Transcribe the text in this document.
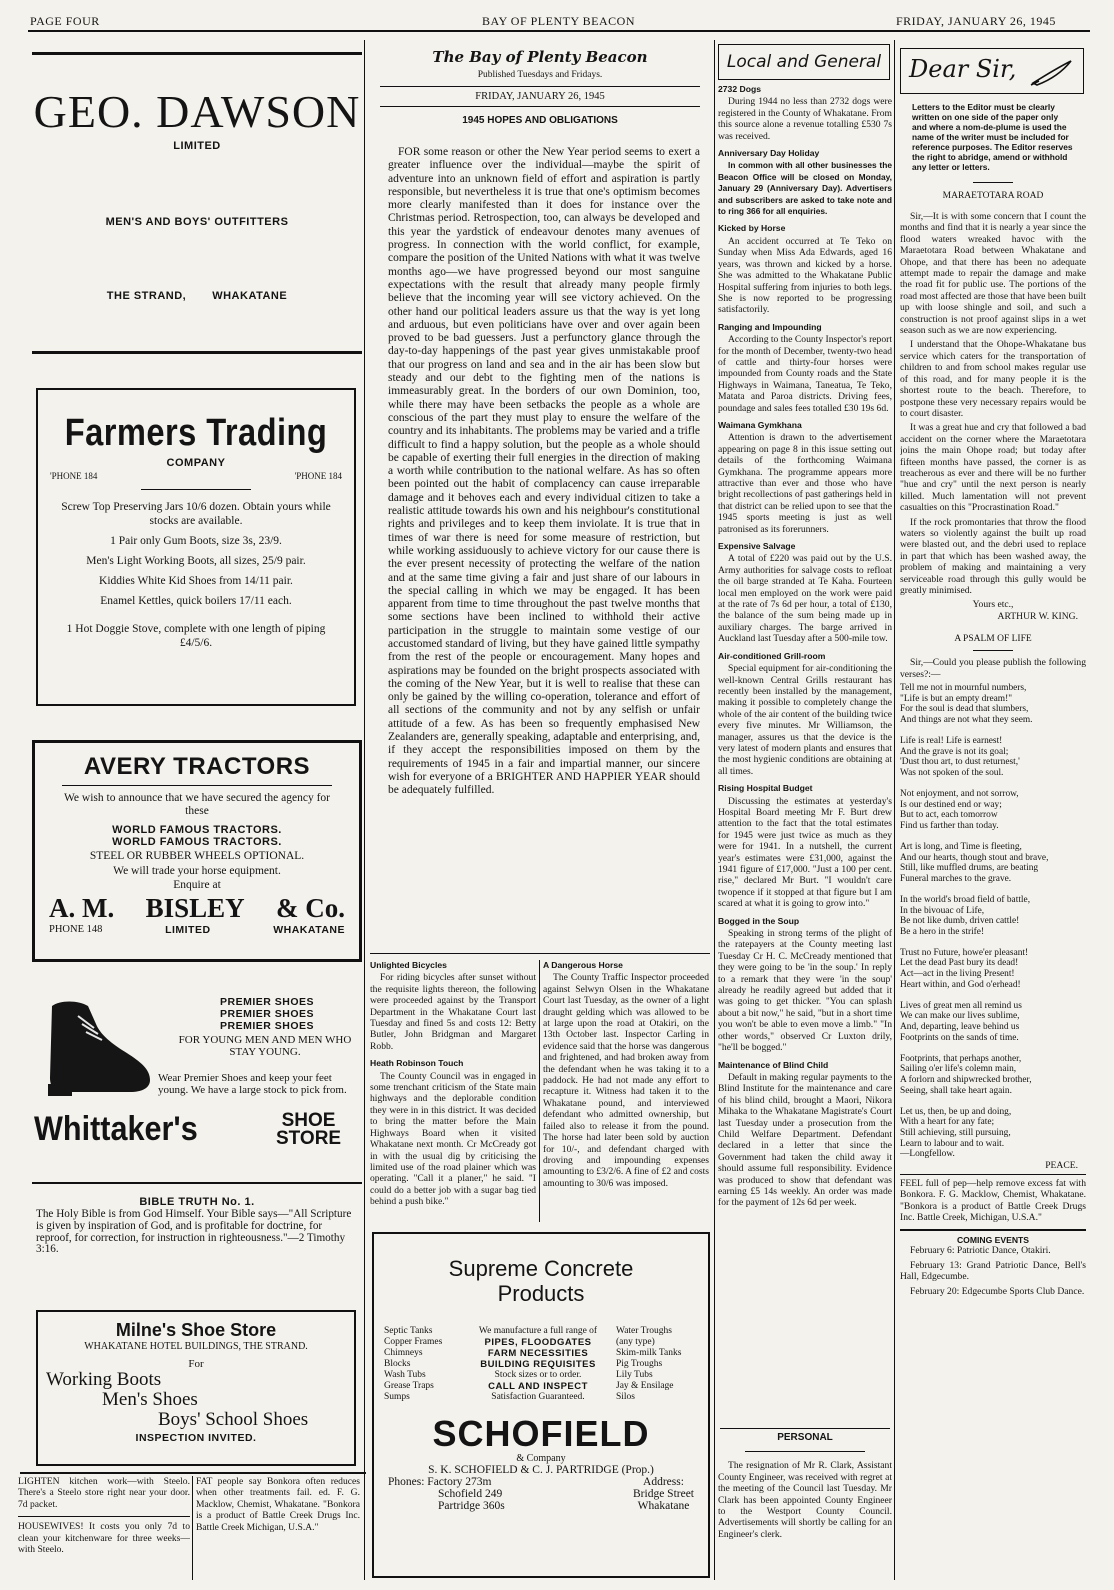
PAGE FOUR	BAY OF PLENTY BEACON	FRIDAY, JANUARY 26, 1945
GEO. DAWSON
LIMITED
MEN'S AND BOYS' OUTFITTERS
THE STRAND, WHAKATANE
Farmers Trading
COMPANY
'PHONE 184	'PHONE 184
Screw Top Preserving Jars 10/6 dozen. Obtain yours while stocks are available.
1 Pair only Gum Boots, size 3s, 23/9.
Men's Light Working Boots, all sizes, 25/9 pair.
Kiddies White Kid Shoes from 14/11 pair.
Enamel Kettles, quick boilers 17/11 each.
1 Hot Doggie Stove, complete with one length of piping £4/5/6.
AVERY TRACTORS
We wish to announce that we have secured the agency for these
WORLD FAMOUS TRACTORS.
WORLD FAMOUS TRACTORS.
STEEL OR RUBBER WHEELS OPTIONAL.
We will trade your horse equipment.
Enquire at
A. M. BISLEY & Co.
PHONE 148	LIMITED	WHAKATANE
PREMIER SHOES
PREMIER SHOES
PREMIER SHOES
FOR YOUNG MEN AND MEN WHO STAY YOUNG.
Wear Premier Shoes and keep your feet young. We have a large stock to pick from.
Whittaker's	SHOE
STORE
BIBLE TRUTH No. 1.
The Holy Bible is from God Himself. Your Bible says—"All Scripture is given by inspiration of God, and is profitable for doctrine, for reproof, for correction, for instruction in righteousness."—2 Timothy 3:16.
Milne's Shoe Store
WHAKATANE HOTEL BUILDINGS, THE STRAND.
For
Working Boots
Men's Shoes
Boys' School Shoes
INSPECTION INVITED.
LIGHTEN kitchen work—with Steelo. There's a Steelo store right near your door. 7d packet.
HOUSEWIVES! It costs you only 7d to clean your kitchenware for three weeks—with Steelo.
FAT people say Bonkora often reduces when other treatments fail. ed. F. G. Macklow, Chemist, Whakatane. "Bonkora is a product of Battle Creek Drugs Inc. Battle Creek Michigan, U.S.A."
The Bay of Plenty Beacon
Published Tuesdays and Fridays.
FRIDAY, JANUARY 26, 1945
1945 HOPES AND OBLIGATIONS
FOR some reason or other the New Year period seems to exert a greater influence over the individual—maybe the spirit of adventure into an unknown field of effort and aspiration is partly responsible, but nevertheless it is true that one's optimism becomes more clearly manifested than it does for instance over the Christmas period. Retrospection, too, can always be developed and this year the yardstick of endeavour denotes many avenues of progress. In connection with the world conflict, for example, compare the position of the United Nations with what it was twelve months ago—we have progressed beyond our most sanguine expectations with the result that already many people firmly believe that the incoming year will see victory achieved. On the other hand our political leaders assure us that the way is yet long and arduous, but even politicians have over and over again been proved to be bad guessers. Just a perfunctory glance through the day-to-day happenings of the past year gives unmistakable proof that our progress on land and sea and in the air has been slow but steady and our debt to the fighting men of the nations is immeasurably great. In the borders of our own Dominion, too, while there may have been setbacks the people as a whole are conscious of the part they must play to ensure the welfare of the country and its inhabitants. The problems may be varied and a trifle difficult to find a happy solution, but the people as a whole should be capable of exerting their full energies in the direction of making a worth while contribution to the national welfare. As has so often been pointed out the habit of complacency can cause irreparable damage and it behoves each and every individual citizen to take a realistic attitude towards his own and his neighbour's constitutional rights and privileges and to keep them inviolate. It is true that in times of war there is need for some measure of restriction, but while working assiduously to achieve victory for our cause there is the ever present necessity of protecting the welfare of the nation and at the same time giving a fair and just share of our labours in the special calling in which we may be engaged. It has been apparent from time to time throughout the past twelve months that some sections have been inclined to withhold their active participation in the struggle to maintain some vestige of our accustomed standard of living, but they have gained little sympathy from the rest of the people or encouragement. Many hopes and aspirations may be founded on the bright prospects associated with the coming of the New Year, but it is well to realise that these can only be gained by the willing co-operation, tolerance and effort of all sections of the community and not by any selfish or unfair attitude of a few. As has been so frequently emphasised New Zealanders are, generally speaking, adaptable and enterprising, and, if they accept the responsibilities imposed on them by the requirements of 1945 in a fair and impartial manner, our sincere wish for everyone of a BRIGHTER AND HAPPIER YEAR should be adequately fulfilled.
Unlighted Bicycles

For riding bicycles after sunset without the requisite lights thereon, the following were proceeded against by the Transport Department in the Whakatane Court last Tuesday and fined 5s and costs 12: Betty Butler, John Bridgman and Margaret Robb.

Heath Robinson Touch

The County Council was in engaged in some trenchant criticism of the State main highways and the deplorable condition they were in in this district. It was decided to bring the matter before the Main Highways Board when it visited Whakatane next month. Cr McCready got in with the usual dig by criticising the limited use of the road plainer which was operating. "Call it a planer," he said. "I could do a better job with a sugar bag tied behind a push bike."

A Dangerous Horse

The County Traffic Inspector proceeded against Selwyn Olsen in the Whakatane Court last Tuesday, as the owner of a light draught gelding which was allowed to be at large upon the road at Otakiri, on the 13th October last. Inspector Carling in evidence said that the horse was dangerous and frightened, and had broken away from the defendant when he was taking it to a paddock. He had not made any effort to recapture it. Witness had taken it to the Whakatane pound, and interviewed defendant who admitted ownership, but failed also to release it from the pound. The horse had later been sold by auction for 10/-, and defendant charged with droving and impounding expenses amounting to £3/2/6. A fine of £2 and costs amounting to 30/6 was imposed.

Supreme Concrete
Products
Septic Tanks
Copper Frames
Chimneys
Blocks
Wash Tubs
Grease Traps
Sumps
We manufacture a full range of
PIPES, FLOODGATES
FARM NECESSITIES
BUILDING REQUISITES
Stock sizes or to order.
CALL AND INSPECT
Satisfaction Guaranteed.
Water Troughs
(any type)
Skim-milk Tanks
Pig Troughs
Lily Tubs
Jay & Ensilage
Silos
SCHOFIELD
& Company
S. K. SCHOFIELD & C. J. PARTRIDGE (Prop.)
Phones: Factory 273m
Schofield 249
Partridge 360s
Address:
Bridge Street
Whakatane
Local and General
2732 Dogs

During 1944 no less than 2732 dogs were registered in the County of Whakatane. From this source alone a revenue totalling £530 7s was received.

Anniversary Day Holiday

In common with all other businesses the Beacon Office will be closed on Monday, January 29 (Anniversary Day). Advertisers and subscribers are asked to take note and to ring 366 for all enquiries.

Kicked by Horse

An accident occurred at Te Teko on Sunday when Miss Ada Edwards, aged 16 years, was thrown and kicked by a horse. She was admitted to the Whakatane Public Hospital suffering from injuries to both legs. She is now reported to be progressing satisfactorily.

Ranging and Impounding

According to the County Inspector's report for the month of December, twenty-two head of cattle and thirty-four horses were impounded from County roads and the State Highways in Waimana, Taneatua, Te Teko, Matata and Paroa districts. Driving fees, poundage and sales fees totalled £30 19s 6d.

Waimana Gymkhana

Attention is drawn to the advertisement appearing on page 8 in this issue setting out details of the forthcoming Waimana Gymkhana. The programme appears more attractive than ever and those who have bright recollections of past gatherings held in that district can be relied upon to see that the 1945 sports meeting is just as well patronised as its forerunners.

Expensive Salvage

A total of £220 was paid out by the U.S. Army authorities for salvage costs to refloat the oil barge stranded at Te Kaha. Fourteen local men employed on the work were paid at the rate of 7s 6d per hour, a total of £130, the balance of the sum being made up in auxiliary charges. The barge arrived in Auckland last Tuesday after a 500-mile tow.

Air-conditioned Grill-room

Special equipment for air-conditioning the well-known Central Grills restaurant has recently been installed by the management, making it possible to completely change the whole of the air content of the building twice every five minutes. Mr Williamson, the manager, assures us that the device is the very latest of modern plants and ensures that the most hygienic conditions are obtaining at all times.

Rising Hospital Budget

Discussing the estimates at yesterday's Hospital Board meeting Mr F. Burt drew attention to the fact that the total estimates for 1945 were just twice as much as they were for 1941. In a nutshell, the current year's estimates were £31,000, against the 1941 figure of £17,000. "Just a 100 per cent. rise," declared Mr Burt. "I wouldn't care twopence if it stopped at that figure but I am scared at what it is going to grow into."

Bogged in the Soup

Speaking in strong terms of the plight of the ratepayers at the County meeting last Tuesday Cr H. C. McCready mentioned that they were going to be 'in the soup.' In reply to a remark that they were 'in the soup' already he readily agreed but added that it was going to get thicker. "You can splash about a bit now," he said, "but in a short time you won't be able to even move a limb." "In other words," observed Cr Luxton drily, "he'll be bogged."

Maintenance of Blind Child

Default in making regular payments to the Blind Institute for the maintenance and care of his blind child, brought a Maori, Nikora Mihaka to the Whakatane Magistrate's Court last Tuesday under a prosecution from the Child Welfare Department. Defendant declared in a letter that since the Government had taken the child away it should assume full responsibility. Evidence was produced to show that defendant was earning £5 14s weekly. An order was made for the payment of 12s 6d per week.

PERSONAL

The resignation of Mr R. Clark, Assistant County Engineer, was received with regret at the meeting of the Council last Tuesday. Mr Clark has been appointed County Engineer to the Westport County Council. Advertisements will shortly be calling for an Engineer's clerk.

Dear Sir,
Letters to the Editor must be clearly written on one side of the paper only and where a nom-de-plume is used the name of the writer must be included for reference purposes. The Editor reserves the right to abridge, amend or withhold any letter or letters.
MARAETOTARA ROAD

Sir,—It is with some concern that I count the months and find that it is nearly a year since the flood waters wreaked havoc with the Maraetotara Road between Whakatane and Ohope, and that there has been no adequate attempt made to repair the damage and make the road fit for public use. The portions of the road most affected are those that have been built up with loose shingle and soil, and such a construction is not proof against slips in a wet season such as we are now experiencing.

I understand that the Ohope-Whakatane bus service which caters for the transportation of children to and from school makes regular use of this road, and for many people it is the shortest route to the beach. Therefore, to postpone these very necessary repairs would be to court disaster.

It was a great hue and cry that followed a bad accident on the corner where the Maraetotara joins the main Ohope road; but today after fifteen months have passed, the corner is as treacherous as ever and there will be no further "hue and cry" until the next person is nearly killed. Much lamentation will not prevent casualties on this "Procrastination Road."

If the rock promontaries that throw the flood waters so violently against the built up road were blasted out, and the debri used to replace in part that which has been washed away, the problem of making and maintaining a very serviceable road through this gully would be greatly minimised.

Yours etc.,
ARTHUR W. KING.
A PSALM OF LIFE

Sir,—Could you please publish the following verses?:—

Tell me not in mournful numbers,
"Life is but an empty dream!"
For the soul is dead that slumbers,
And things are not what they seem.

Life is real! Life is earnest!
And the grave is not its goal;
'Dust thou art, to dust returnest,'
Was not spoken of the soul.

Not enjoyment, and not sorrow,
Is our destined end or way;
But to act, each tomorrow
Find us farther than today.

Art is long, and Time is fleeting,
And our hearts, though stout and brave,
Still, like muffled drums, are beating
Funeral marches to the grave.

In the world's broad field of battle,
In the bivouac of Life,
Be not like dumb, driven cattle!
Be a hero in the strife!

Trust no Future, howe'er pleasant!
Let the dead Past bury its dead!
Act—act in the living Present!
Heart within, and God o'erhead!

Lives of great men all remind us
We can make our lives sublime,
And, departing, leave behind us
Footprints on the sands of time.

Footprints, that perhaps another,
Sailing o'er life's colemn main,
A forlorn and shipwrecked brother,
Seeing, shall take heart again.

Let us, then, be up and doing,
With a heart for any fate;
Still achieving, still pursuing,
Learn to labour and to wait.
—Longfellow.
PEACE.
FEEL full of pep—help remove excess fat with Bonkora. F. G. Macklow, Chemist, Whakatane. "Bonkora is a product of Battle Creek Drugs Inc. Battle Creek, Michigan, U.S.A."
COMING EVENTS

February 6: Patriotic Dance, Otakiri.

February 13: Grand Patriotic Dance, Bell's Hall, Edgecumbe.

February 20: Edgecumbe Sports Club Dance.
